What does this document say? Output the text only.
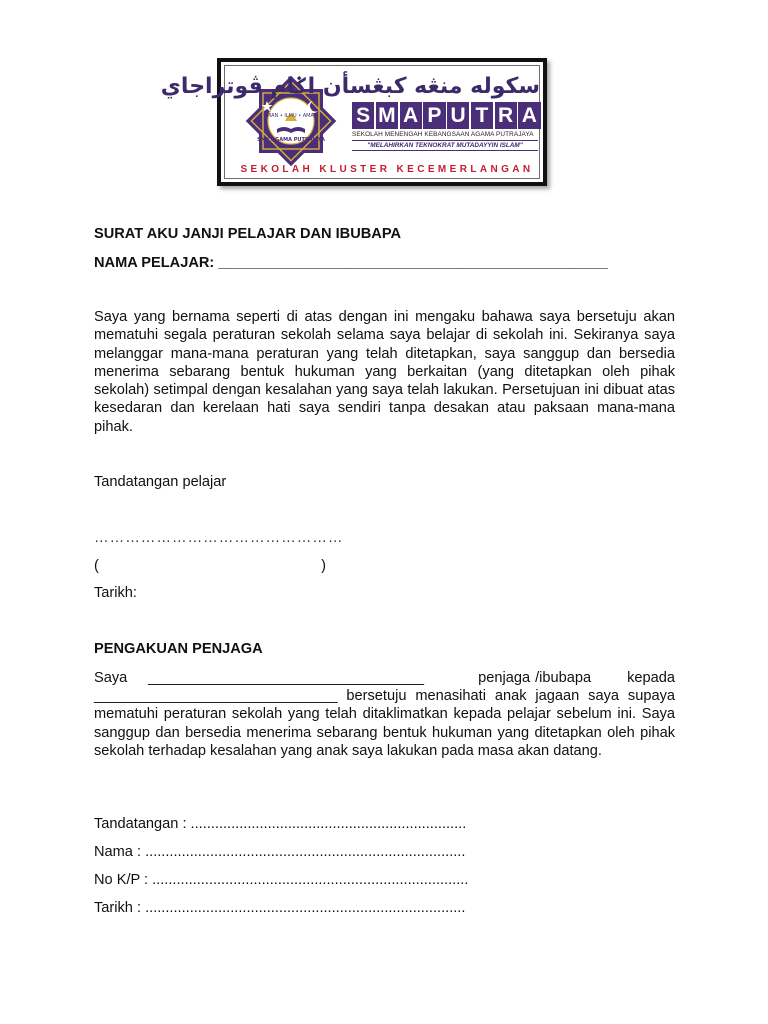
IMAN • ILMU • AMAL
SMK AGAMA PUTRAJAYA
سکوله منڠه کبڠسأن اݢام ڤوتراجاي
S M A P U T R A
SEKOLAH MENENGAH KEBANGSAAN AGAMA PUTRAJAYA
"MELAHIRKAN TEKNOKRAT MUTADAYYIN ISLAM"
SEKOLAH KLUSTER KECEMERLANGAN
SURAT AKU JANJI PELAJAR DAN IBUBAPA
NAMA PELAJAR: ________________________________________________
Saya yang bernama seperti di atas dengan ini mengaku bahawa saya bersetuju akan mematuhi segala peraturan sekolah selama saya belajar di sekolah ini. Sekiranya saya melanggar mana-mana peraturan yang telah ditetapkan, saya sanggup dan bersedia menerima sebarang bentuk hukuman yang berkaitan (yang ditetapkan oleh pihak sekolah) setimpal dengan kesalahan yang saya telah lakukan. Persetujuan ini dibuat atas kesedaran dan kerelaan hati saya sendiri tanpa desakan atau paksaan mana-mana pihak.
Tandatangan pelajar
…………………………………………
(	)
Tarikh:
PENGAKUAN PENJAGA
Saya __________________________________	penjaga /ibubapa kepada
______________________________ bersetuju menasihati anak jagaan saya supaya mematuhi peraturan sekolah yang telah ditaklimatkan kepada pelajar sebelum ini. Saya sanggup dan bersedia menerima sebarang bentuk hukuman yang ditetapkan oleh pihak sekolah terhadap kesalahan yang anak saya lakukan pada masa akan datang.
Tandatangan : ....................................................................
Nama : ...............................................................................
No K/P : ..............................................................................
Tarikh : ...............................................................................
